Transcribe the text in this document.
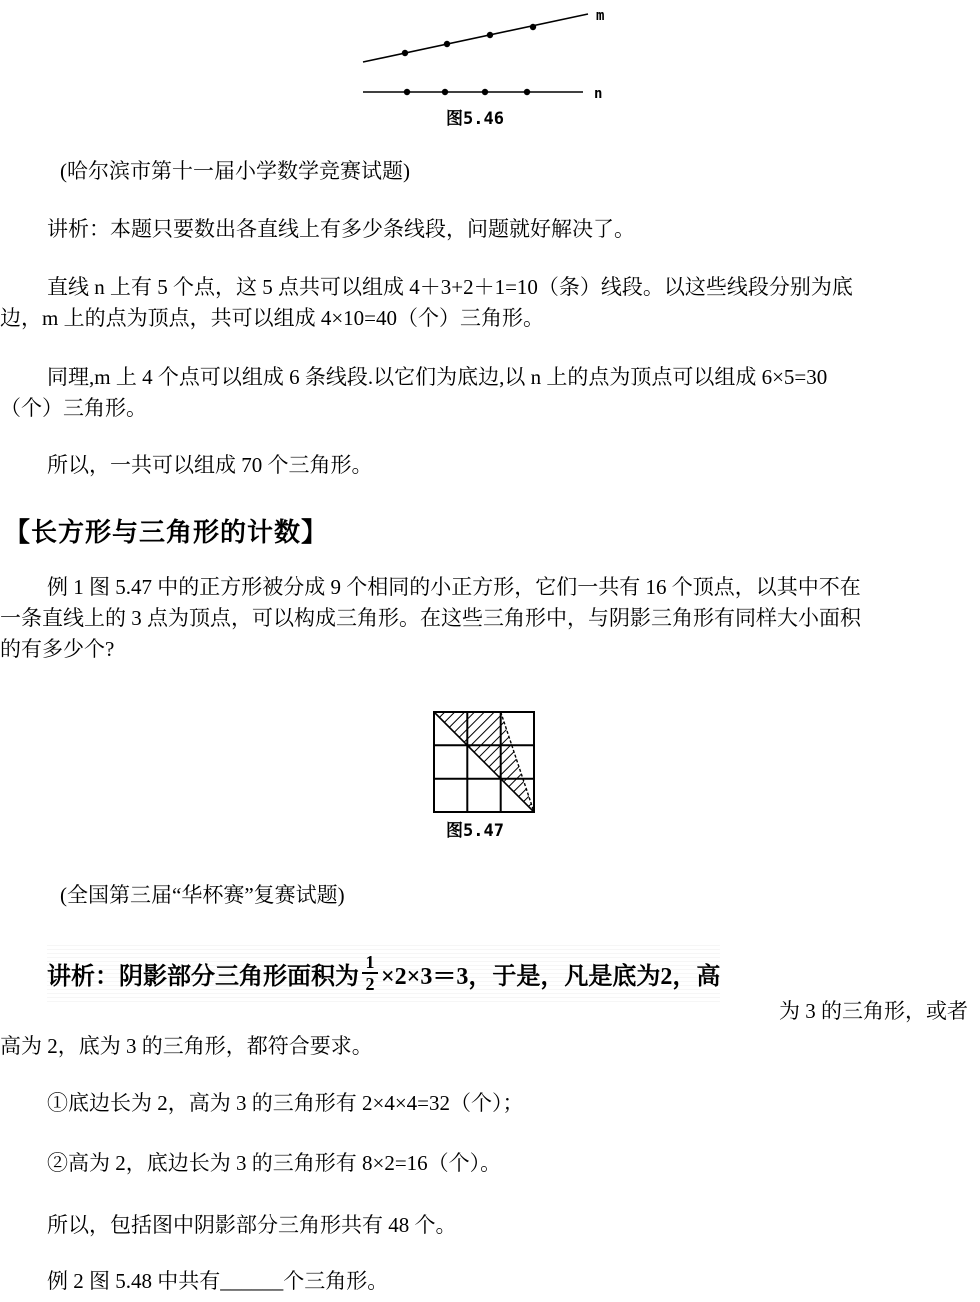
m
n
图5.46
(哈尔滨市第十一届小学数学竞赛试题)
讲析：本题只要数出各直线上有多少条线段，问题就好解决了。
直线 n 上有 5 个点，这 5 点共可以组成 4＋3+2＋1=10（条）线段。以这些线段分别为底
边，m 上的点为顶点，共可以组成 4×10=40（个）三角形。
同理,m 上 4 个点可以组成 6 条线段.以它们为底边,以 n 上的点为顶点可以组成 6×5=30
（个）三角形。
所以，一共可以组成 70 个三角形。
【长方形与三角形的计数】
例 1 图 5.47 中的正方形被分成 9 个相同的小正方形，它们一共有 16 个顶点，以其中不在
一条直线上的 3 点为顶点，可以构成三角形。在这些三角形中，与阴影三角形有同样大小面积
的有多少个?
图5.47
(全国第三届“华杯赛”复赛试题)
讲析：阴影部分三角形面积为 $\frac{1}{2} \times 2\times 3=3$，于是，凡是底为2，高
为 3 的三角形，或者
高为 2，底为 3 的三角形，都符合要求。
①底边长为 2，高为 3 的三角形有 2×4×4=32（个）；
②高为 2，底边长为 3 的三角形有 8×2=16（个）。
所以，包括图中阴影部分三角形共有 48 个。
例 2 图 5.48 中共有______个三角形。
